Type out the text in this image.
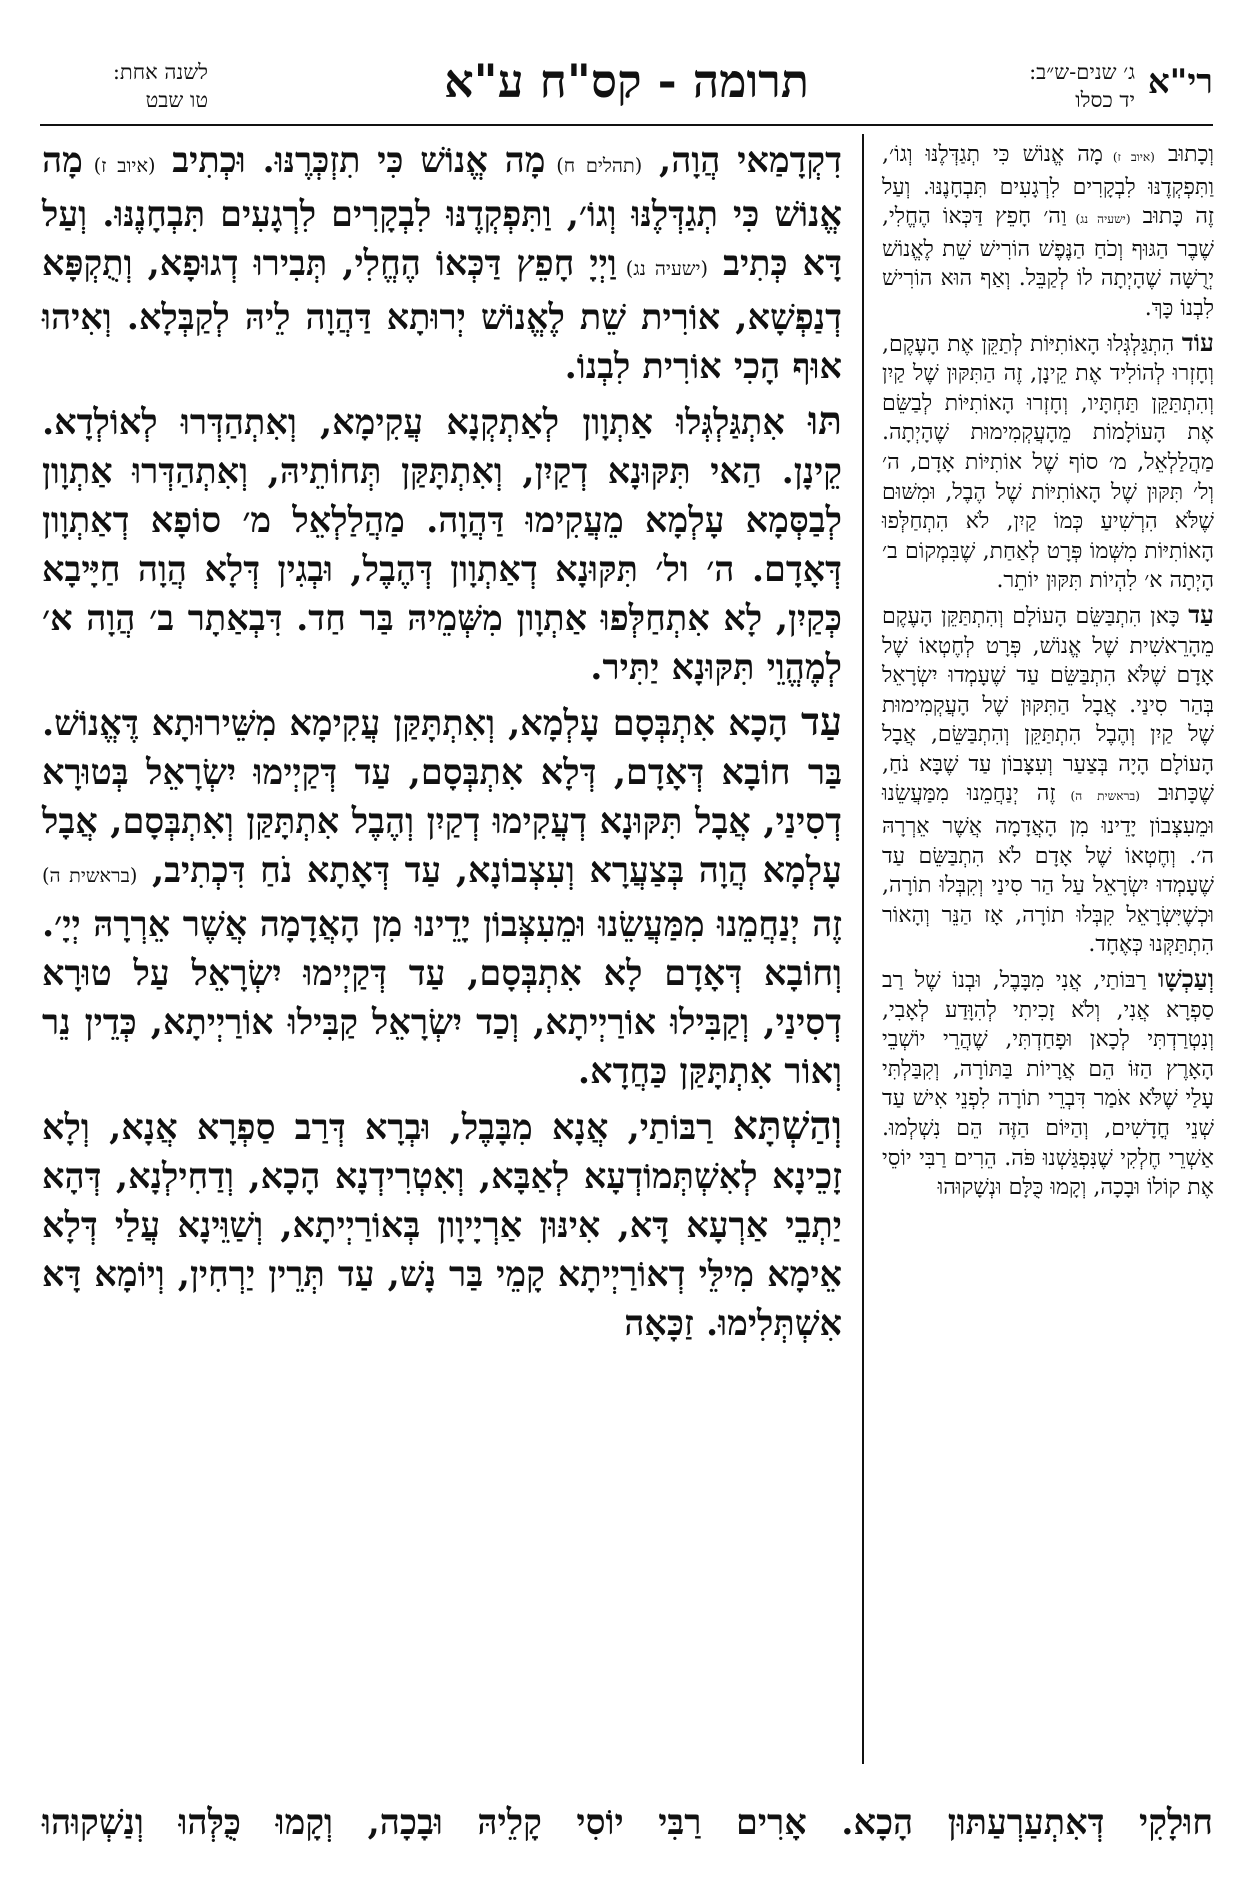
רי"א
ג׳ שנים-ש״ב:
יד כסלו
תרומה - קס"ח ע"א
לשנה אחת:
טו שבט

וְכָתוּב (איוב ז) מָה אֱנוֹשׁ כִּי תְגַדְּלֶנּוּ וְגוֹ׳, וַתִּפְקְדֶנּוּ לִבְקָרִים לִרְגָעִים תִּבְחָנֶנּוּ. וְעַל זֶה כָּתוּב (ישעיה נג) וַה׳ חָפֵץ דַּכְּאוֹ הֶחֱלִי, שֶׁבֶר הַגּוּף וְכֹחַ הַנֶּפֶשׁ הוֹרִישׁ שֵׁת לֶאֱנוֹשׁ יְרֻשָּׁה שֶׁהָיְתָה לוֹ לְקַבֵּל. וְאַף הוּא הוֹרִישׁ לִבְנוֹ כָּךְ.

עוֹד הִתְגַּלְגְּלוּ הָאוֹתִיּוֹת לְתַקֵּן אֶת הָעֶקֶם, וְחָזְרוּ לְהוֹלִיד אֶת קֵינָן, זֶה הַתִּקּוּן שֶׁל קַיִן וְהִתְתַּקֵּן תַּחְתָּיו, וְחָזְרוּ הָאוֹתִיּוֹת לְבַשֵּׂם אֶת הָעוֹלָמוֹת מֵהָעֲקְמִימוּת שֶׁהָיְתָה. מַהֲלַלְאֵל, מ׳ סוֹף שֶׁל אוֹתִיּוֹת אָדָם, ה׳ וְל׳ תִּקּוּן שֶׁל הָאוֹתִיּוֹת שֶׁל הֶבֶל, וּמִשּׁוּם שֶׁלֹּא הִרְשִׁיעַ כְּמוֹ קַיִן, לֹא הִתְחַלְּפוּ הָאוֹתִיּוֹת מִשְּׁמוֹ פְּרָט לְאַחַת, שֶׁבִּמְקוֹם ב׳ הָיְתָה א׳ לִהְיוֹת תִּקּוּן יוֹתֵר.

עַד כָּאן הִתְבַּשֵּׂם הָעוֹלָם וְהִתְתַּקֵּן הָעֶקֶם מֵהָרֵאשִׁית שֶׁל אֱנוֹשׁ, פְּרָט לְחֶטְאוֹ שֶׁל אָדָם שֶׁלֹּא הִתְבַּשֵּׂם עַד שֶׁעָמְדוּ יִשְׂרָאֵל בְּהַר סִינַי. אֲבָל הַתִּקּוּן שֶׁל הָעֲקְמִימוּת שֶׁל קַיִן וְהֶבֶל הִתְתַּקֵּן וְהִתְבַּשֵּׂם, אֲבָל הָעוֹלָם הָיָה בְּצַעַר וְעִצָּבוֹן עַד שֶׁבָּא נֹחַ, שֶׁכָּתוּב (בראשית ה) זֶה יְנַחֲמֵנוּ מִמַּעֲשֵׂנוּ וּמֵעִצְּבוֹן יָדֵינוּ מִן הָאֲדָמָה אֲשֶׁר אֵרְרָהּ ה׳. וְחֶטְאוֹ שֶׁל אָדָם לֹא הִתְבַּשֵּׂם עַד שֶׁעָמְדוּ יִשְׂרָאֵל עַל הַר סִינַי וְקִבְּלוּ תוֹרָה, וּכְשֶׁיִּשְׂרָאֵל קִבְּלוּ תוֹרָה, אָז הַנֵּר וְהָאוֹר הִתְתַּקְּנוּ כְּאֶחָד.

וְעַכְשָׁו רַבּוֹתַי, אֲנִי מִבָּבֶל, וּבְנוֹ שֶׁל רַב סַפְרָא אֲנִי, וְלֹא זָכִיתִי לְהִוָּדַע לְאָבִי, וְנִטְרַדְתִּי לְכָאן וּפָחַדְתִּי, שֶׁהֲרֵי יוֹשְׁבֵי הָאָרֶץ הַזּוֹ הֵם אֲרָיוֹת בַּתּוֹרָה, וְקִבַּלְתִּי עָלַי שֶׁלֹּא אֹמַר דִּבְרֵי תוֹרָה לִפְנֵי אִישׁ עַד שְׁנֵי חֳדָשִׁים, וְהַיּוֹם הַזֶּה הֵם נִשְׁלְמוּ. אַשְׁרֵי חֶלְקִי שֶׁנִּפְגַּשְׁנוּ פֹּה. הֵרִים רַבִּי יוֹסֵי אֶת קוֹלוֹ וּבָכָה, וְקָמוּ כֻּלָּם וּנְשָׁקוּהוּ

דִקְדָמַאי הֲוָה, (תהלים ח) מָה אֱנוֹשׁ כִּי תִזְכְּרֶנּוּ. וּכְתִיב (איוב ז) מָה אֱנוֹשׁ כִּי תְגַדְּלֶנּוּ וְגוֹ׳, וַתִּפְקְדֶנּוּ לִבְקָרִים לִרְגָעִים תִּבְחָנֶנּוּ. וְעַל דָּא כְּתִיב (ישעיה נג) וַיְיָ חָפֵץ דַּכְּאוֹ הֶחֱלִי, תְּבִירוּ דְגוּפָא, וְתֻקְפָּא דְנַפְשָׁא, אוֹרִית שֵׁת לֶאֱנוֹשׁ יְרוּתָא דַּהֲוָה לֵיהּ לְקַבְּלָא. וְאִיהוּ אוּף הָכִי אוֹרִית לִבְנוֹ.

תּוּ אִתְגַּלְגְּלוּ אַתְוָון לְאַתְקְנָא עֲקִימָא, וְאִתְהַדְּרוּ לְאוֹלְדָא. קֵינָן. הַאי תִּקּוּנָא דְקַיִן, וְאִתְתָּקַּן תְּחוֹתֵיהּ, וְאִתְהַדְּרוּ אַתְוָון לְבַסְּמָא עָלְמָא מֵעֲקִימוּ דַּהֲוָה. מַהֲלַלְאֵל מ׳ סוֹפָא דְאַתְוָון דְּאָדָם. ה׳ ול׳ תִּקּוּנָא דְאַתְוָון דְּהֶבֶל, וּבְגִין דְּלָא הֲוָה חַיָּיבָא כְּקַיִן, לָא אִתְחַלְּפוּ אַתְוָון מִשְּׁמֵיהּ בַּר חַד. דִּבְאַתָר ב׳ הֲוָה א׳ לְמֶהֱוֵי תִּקּוּנָא יַתִּיר.

עַד הָכָא אִתְבְּסָם עָלְמָא, וְאִתְתָּקַּן עֲקִימָא מִשֵּׁירוּתָא דֶּאֱנוֹשׁ. בַּר חוֹבָא דְּאָדָם, דְּלָא אִתְבְּסָם, עַד דְּקַיְימוּ יִשְׂרָאֵל בְּטוּרָא דְסִינַי, אֲבָל תִּקּוּנָא דְעֲקִימוּ דְקַיִן וְהֶבֶל אִתְתָּקַּן וְאִתְבְּסָם, אֲבָל עָלְמָא הֲוָה בְּצַעֲרָא וְעִצְבוֹנָא, עַד דְּאָתָא נֹחַ דִּכְתִיב, (בראשית ה) זֶה יְנַחֲמֵנוּ מִמַּעֲשֵׂנוּ וּמֵעִצְּבוֹן יָדֵינוּ מִן הָאֲדָמָה אֲשֶׁר אֵרְרָהּ יְיָ׳. וְחוֹבָא דְּאָדָם לָא אִתְבְּסָם, עַד דְּקַיְימוּ יִשְׂרָאֵל עַל טוּרָא דְסִינַי, וְקַבִּילוּ אוֹרַיְיתָא, וְכַד יִשְׂרָאֵל קַבִּילוּ אוֹרַיְיתָא, כְּדֵין נֵר וְאוֹר אִתְתָּקַּן כַּחֲדָא.

וְהַשְׁתָּא רַבּוֹתַי, אֲנָא מִבָּבֶל, וּבְרָא דְּרַב סַפְרָא אֲנָא, וְלָא זָכֵינָא לְאִשְׁתְּמוֹדְעָא לְאַבָּא, וְאִטְרִידְנָא הָכָא, וְדַחִילְנָא, דְּהָא יַתְבֵי אַרְעָא דָּא, אִינּוּן אַרְיָיוָון בְּאוֹרַיְיתָא, וְשַׁוֵּינָא עֲלַי דְּלָא אֵימָא מִילֵּי דְאוֹרַיְיתָא קָמֵי בַּר נָשׁ, עַד תְּרֵין יַרְחִין, וְיוֹמָא דָּא אִשְׁתְּלִימוּ. זַכָּאָה

חוּלָקִי דְּאִתְעַרְעַתּוּן הָכָא. אָרִים רַבִּי יוֹסִי קָלֵיהּ וּבָכָה, וְקָמוּ כֻּלְּהוּ וְנַשְׁקוּהוּ
